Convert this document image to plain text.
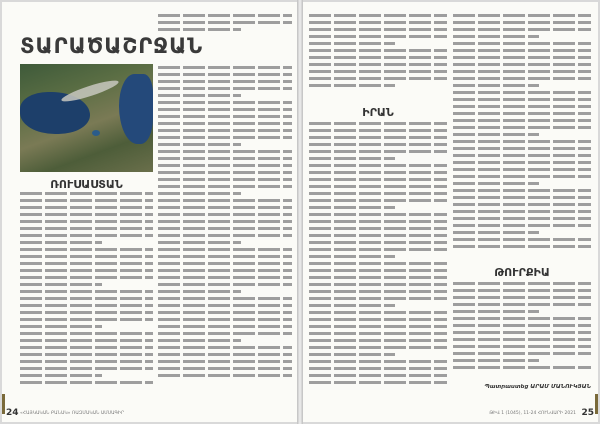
ՏԱՐԱԾԱՇՐՋԱՆ
ՌՈՒՍԱՍՏԱՆ
«ՀԱՅԿԱԿԱՆ ԲԱՆԱԿ» ՌԱԶՄԱԿԱՆ ԱՄՍԱԳԻՐ
24
ԻՐԱՆ
ԹՈՒՐՔԻԱ
Պատրաստեց ԱՐԱՄ ՄԱՆՈՒԿՅԱՆ
ԹԻՎ 1 (1045), 11-24 ՀՈՒՆՎԱՐԻ 2021 25
